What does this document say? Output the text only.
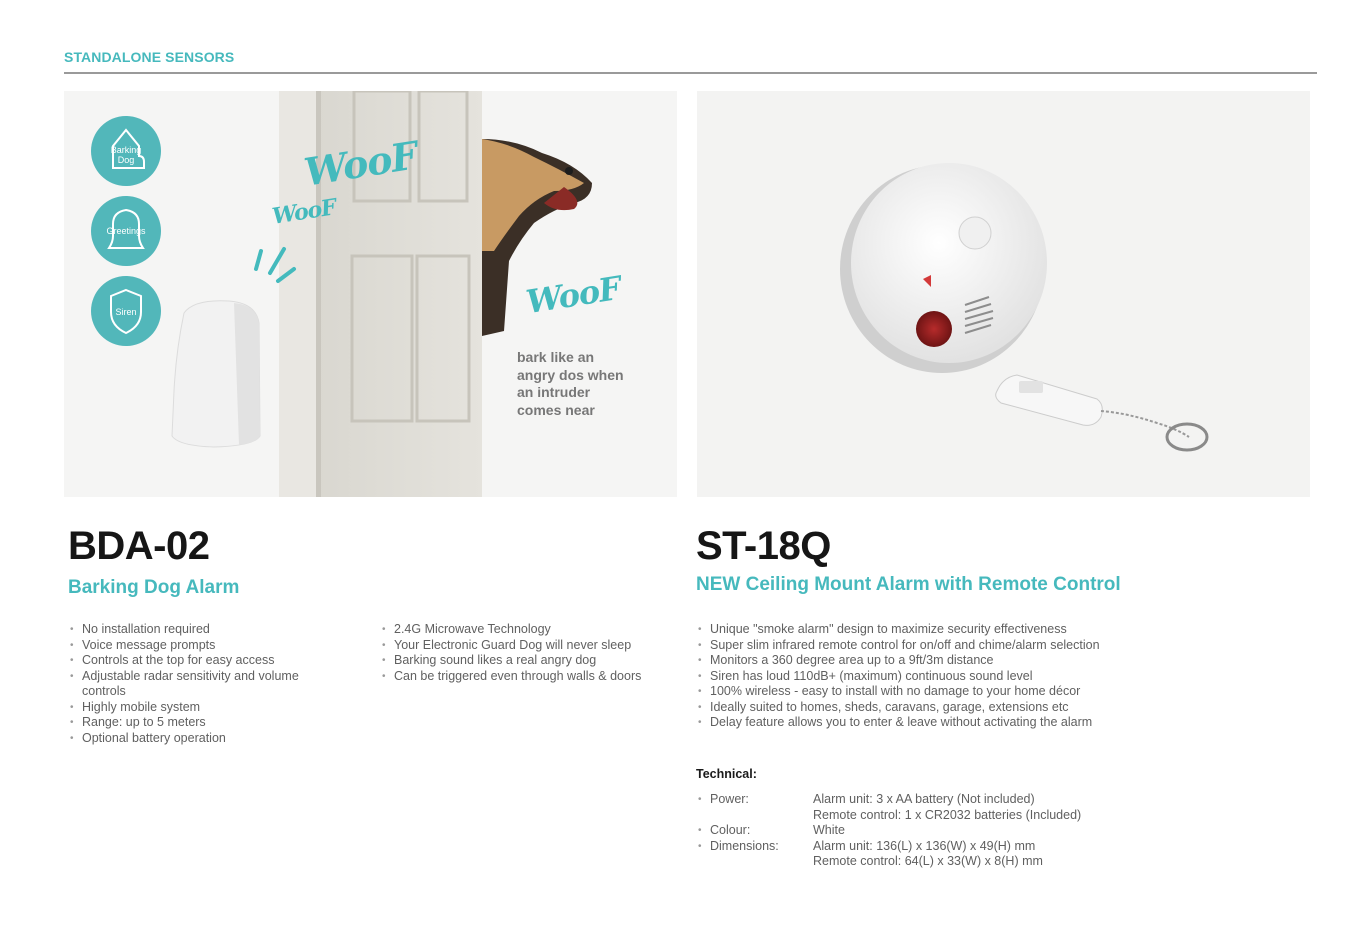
STANDALONE SENSORS
Barking
Dog
Greetings
Siren
WooF
WooF
WooF
bark like an
angry dos when
an intruder
comes near
BDA-02
Barking Dog Alarm
• No installation required
• Voice message prompts
• Controls at the top for easy access
• Adjustable radar sensitivity and volume
controls
• Highly mobile system
• Range: up to 5 meters
• Optional battery operation
• 2.4G Microwave Technology
• Your Electronic Guard Dog will never sleep
• Barking sound likes a real angry dog
• Can be triggered even through walls & doors
ST-18Q
NEW Ceiling Mount Alarm with Remote Control
• Unique "smoke alarm" design to maximize security effectiveness
• Super slim infrared remote control for on/off and chime/alarm selection
• Monitors a 360 degree area up to a 9ft/3m distance
• Siren has loud 110dB+ (maximum) continuous sound level
• 100% wireless - easy to install with no damage to your home décor
• Ideally suited to homes, sheds, caravans, garage, extensions etc
• Delay feature allows you to enter & leave without activating the alarm
Technical:
• Power:	Alarm unit: 3 x AA battery (Not included)
Remote control: 1 x CR2032 batteries (Included)
• Colour:	White
• Dimensions:	Alarm unit: 136(L) x 136(W) x 49(H) mm
Remote control: 64(L) x 33(W) x 8(H) mm
